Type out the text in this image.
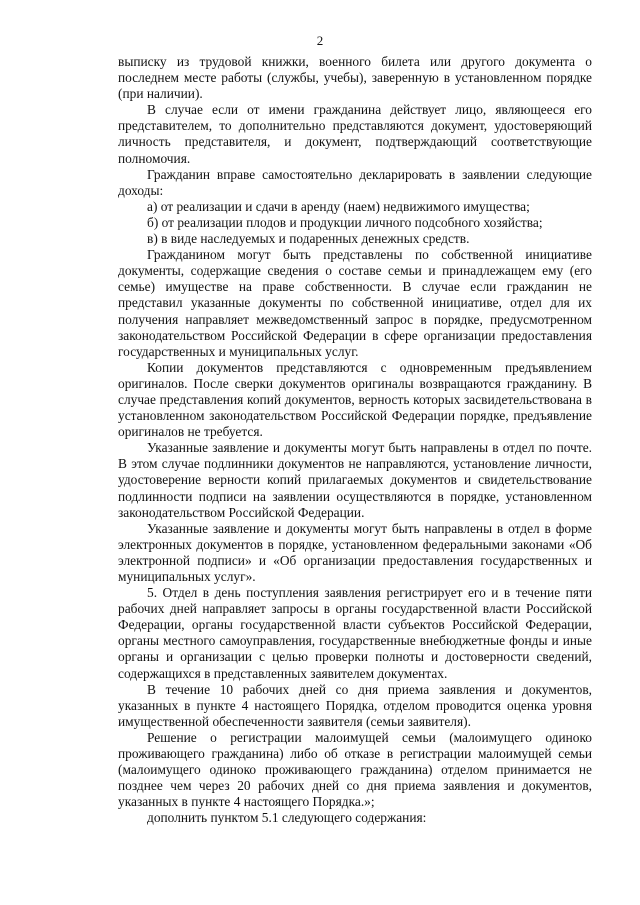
2

выписку из трудовой книжки, военного билета или другого документа о последнем месте работы (службы, учебы), заверенную в установленном порядке (при наличии).

В случае если от имени гражданина действует лицо, являющееся его представителем, то дополнительно представляются документ, удостоверяющий личность представителя, и документ, подтверждающий соответствующие полномочия.

Гражданин вправе самостоятельно декларировать в заявлении следующие доходы:

а) от реализации и сдачи в аренду (наем) недвижимого имущества;

б) от реализации плодов и продукции личного подсобного хозяйства;

в) в виде наследуемых и подаренных денежных средств.

Гражданином могут быть представлены по собственной инициативе документы, содержащие сведения о составе семьи и принадлежащем ему (его семье) имуществе на праве собственности. В случае если гражданин не представил указанные документы по собственной инициативе, отдел для их получения направляет межведомственный запрос в порядке, предусмотренном законодательством Российской Федерации в сфере организации предоставления государственных и муниципальных услуг.

Копии документов представляются с одновременным предъявлением оригиналов. После сверки документов оригиналы возвращаются гражданину. В случае представления копий документов, верность которых засвидетельствована в установленном законодательством Российской Федерации порядке, предъявление оригиналов не требуется.

Указанные заявление и документы могут быть направлены в отдел по почте. В этом случае подлинники документов не направляются, установление личности, удостоверение верности копий прилагаемых документов и свидетельствование подлинности подписи на заявлении осуществляются в порядке, установленном законодательством Российской Федерации.

Указанные заявление и документы могут быть направлены в отдел в форме электронных документов в порядке, установленном федеральными законами «Об электронной подписи» и «Об организации предоставления государственных и муниципальных услуг».

5. Отдел в день поступления заявления регистрирует его и в течение пяти рабочих дней направляет запросы в органы государственной власти Российской Федерации, органы государственной власти субъектов Российской Федерации, органы местного самоуправления, государственные внебюджетные фонды и иные органы и организации с целью проверки полноты и достоверности сведений, содержащихся в представленных заявителем документах.

В течение 10 рабочих дней со дня приема заявления и документов, указанных в пункте 4 настоящего Порядка, отделом проводится оценка уровня имущественной обеспеченности заявителя (семьи заявителя).

Решение о регистрации малоимущей семьи (малоимущего одиноко проживающего гражданина) либо об отказе в регистрации малоимущей семьи (малоимущего одиноко проживающего гражданина) отделом принимается не позднее чем через 20 рабочих дней со дня приема заявления и документов, указанных в пункте 4 настоящего Порядка.»;

дополнить пунктом 5.1 следующего содержания:
